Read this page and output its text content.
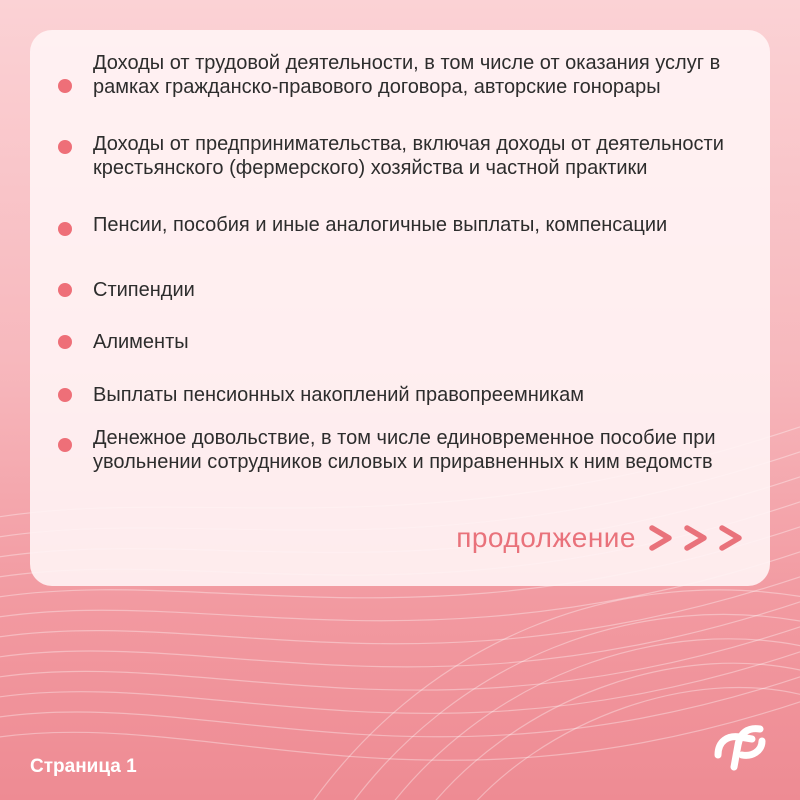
Доходы от трудовой деятельности, в том числе от оказания услуг в рамках гражданско-правового договора, авторские гонорары
Доходы от предпринимательства, включая доходы от деятельности крестьянского (фермерского) хозяйства и частной практики
Пенсии, пособия и иные аналогичные выплаты, компенсации
Стипендии
Алименты
Выплаты пенсионных накоплений правопреемникам
Денежное довольствие, в том числе единовременное пособие при увольнении сотрудников силовых и приравненных к ним ведомств
продолжение
Страница 1
